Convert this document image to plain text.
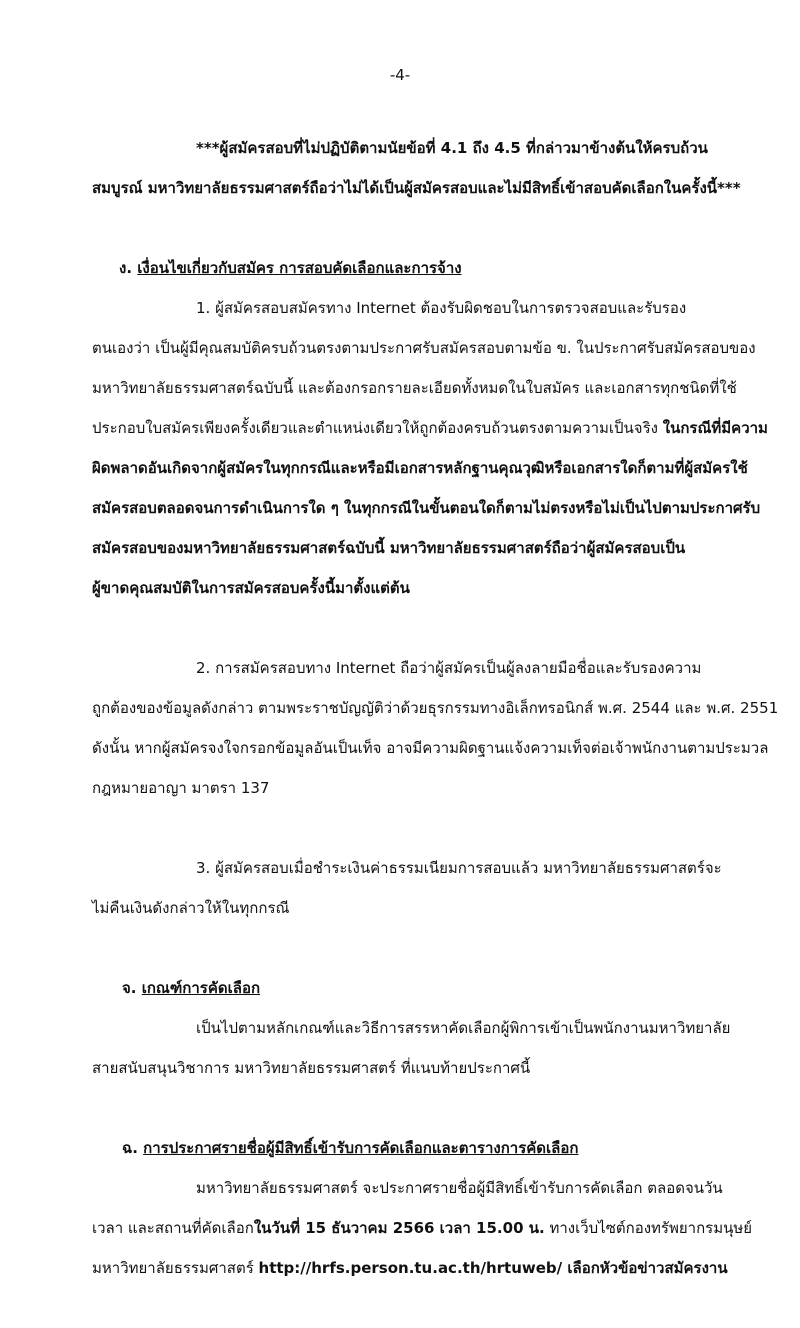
-4-
***ผู้สมัครสอบที่ไม่ปฏิบัติตามนัยข้อที่ 4.1 ถึง 4.5 ที่กล่าวมาข้างต้นให้ครบถ้วน
สมบูรณ์ มหาวิทยาลัยธรรมศาสตร์ถือว่าไม่ได้เป็นผู้สมัครสอบและไม่มีสิทธิ์เข้าสอบคัดเลือกในครั้งนี้***
ง. เงื่อนไขเกี่ยวกับสมัคร การสอบคัดเลือกและการจ้าง
1. ผู้สมัครสอบสมัครทาง Internet ต้องรับผิดชอบในการตรวจสอบและรับรอง
ตนเองว่า เป็นผู้มีคุณสมบัติครบถ้วนตรงตามประกาศรับสมัครสอบตามข้อ ข. ในประกาศรับสมัครสอบของ
มหาวิทยาลัยธรรมศาสตร์ฉบับนี้ และต้องกรอกรายละเอียดทั้งหมดในใบสมัคร และเอกสารทุกชนิดที่ใช้
ประกอบใบสมัครเพียงครั้งเดียวและตำแหน่งเดียวให้ถูกต้องครบถ้วนตรงตามความเป็นจริง ในกรณีที่มีความ
ผิดพลาดอันเกิดจากผู้สมัครในทุกกรณีและหรือมีเอกสารหลักฐานคุณวุฒิหรือเอกสารใดก็ตามที่ผู้สมัครใช้
สมัครสอบตลอดจนการดำเนินการใด ๆ ในทุกกรณีในขั้นตอนใดก็ตามไม่ตรงหรือไม่เป็นไปตามประกาศรับ
สมัครสอบของมหาวิทยาลัยธรรมศาสตร์ฉบับนี้ มหาวิทยาลัยธรรมศาสตร์ถือว่าผู้สมัครสอบเป็น
ผู้ขาดคุณสมบัติในการสมัครสอบครั้งนี้มาตั้งแต่ต้น
2. การสมัครสอบทาง Internet ถือว่าผู้สมัครเป็นผู้ลงลายมือชื่อและรับรองความ
ถูกต้องของข้อมูลดังกล่าว ตามพระราชบัญญัติว่าด้วยธุรกรรมทางอิเล็กทรอนิกส์ พ.ศ. 2544 และ พ.ศ. 2551
ดังนั้น หากผู้สมัครจงใจกรอกข้อมูลอันเป็นเท็จ อาจมีความผิดฐานแจ้งความเท็จต่อเจ้าพนักงานตามประมวล
กฎหมายอาญา มาตรา 137
3. ผู้สมัครสอบเมื่อชำระเงินค่าธรรมเนียมการสอบแล้ว มหาวิทยาลัยธรรมศาสตร์จะ
ไม่คืนเงินดังกล่าวให้ในทุกกรณี
จ. เกณฑ์การคัดเลือก
เป็นไปตามหลักเกณฑ์และวิธีการสรรหาคัดเลือกผู้พิการเข้าเป็นพนักงานมหาวิทยาลัย
สายสนับสนุนวิชาการ มหาวิทยาลัยธรรมศาสตร์ ที่แนบท้ายประกาศนี้
ฉ. การประกาศรายชื่อผู้มีสิทธิ์เข้ารับการคัดเลือกและตารางการคัดเลือก
มหาวิทยาลัยธรรมศาสตร์ จะประกาศรายชื่อผู้มีสิทธิ์เข้ารับการคัดเลือก ตลอดจนวัน
เวลา และสถานที่คัดเลือกในวันที่ 15 ธันวาคม 2566 เวลา 15.00 น. ทางเว็บไซต์กองทรัพยากรมนุษย์
มหาวิทยาลัยธรรมศาสตร์ http://hrfs.person.tu.ac.th/hrtuweb/ เลือกหัวข้อข่าวสมัครงาน
